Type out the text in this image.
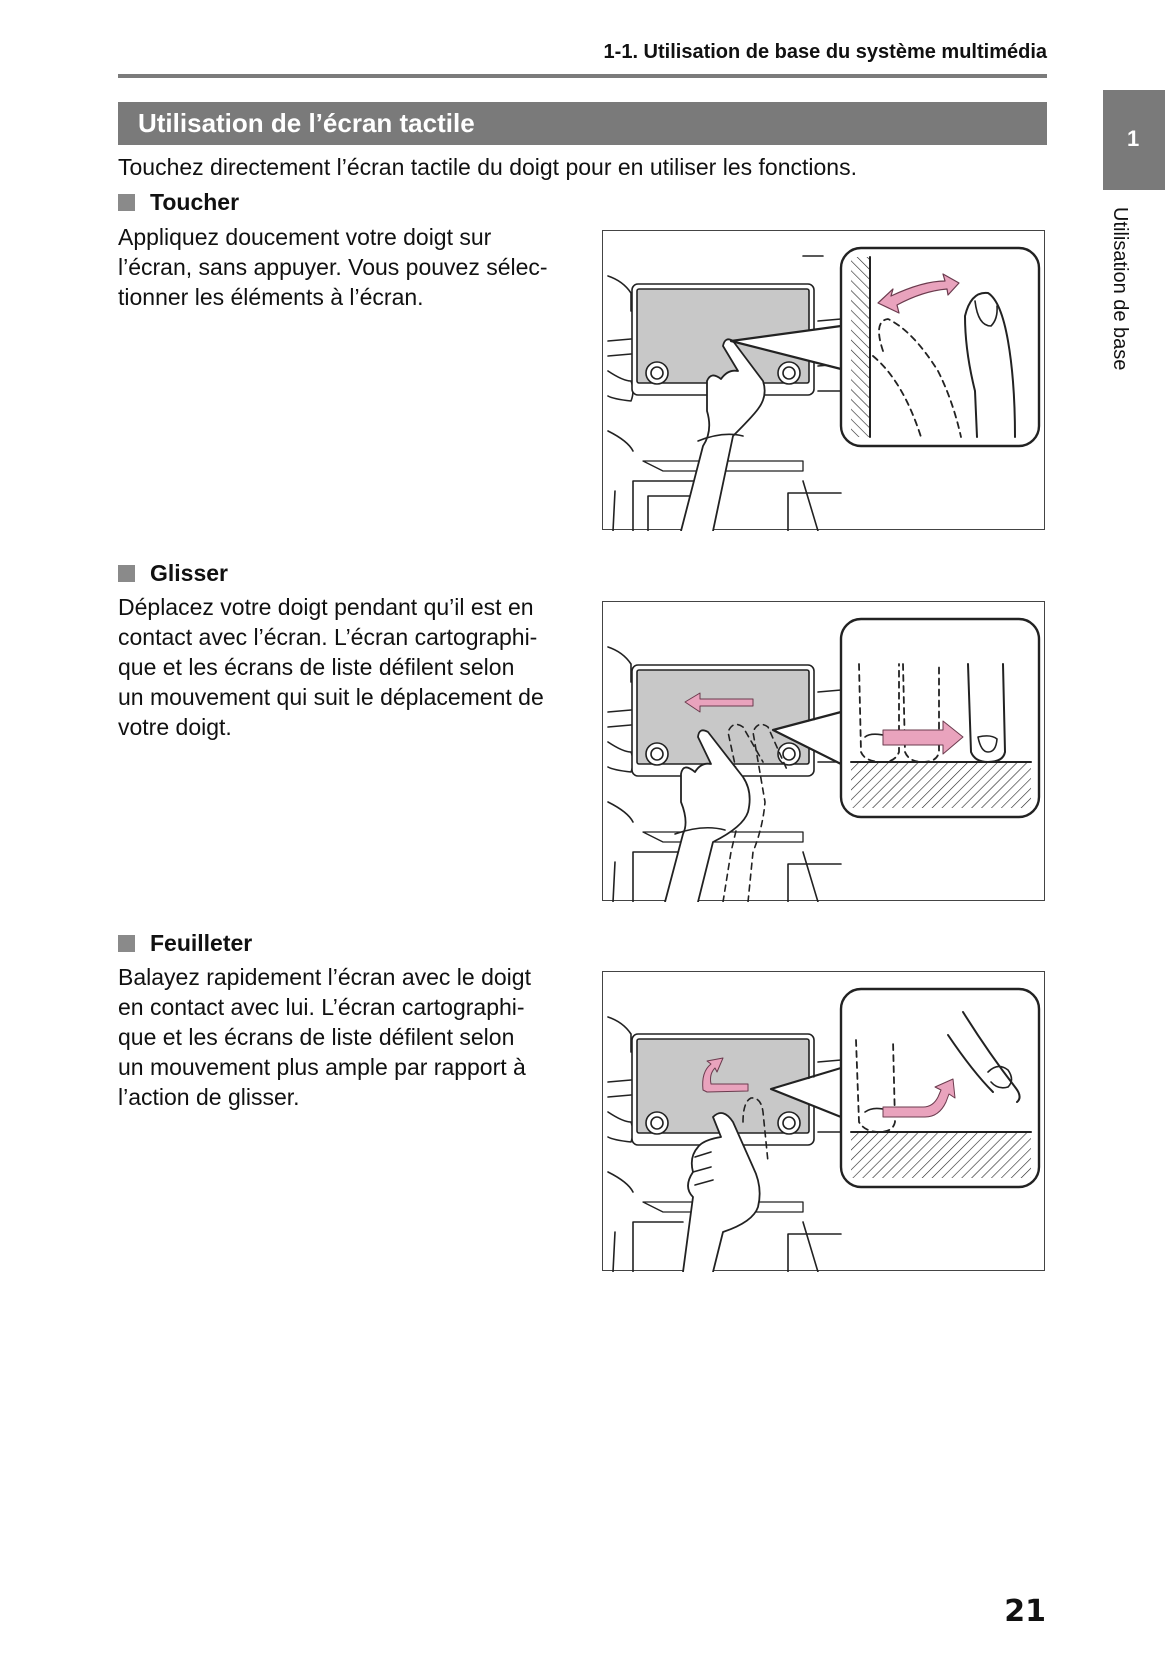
1-1. Utilisation de base du système multimédia
1
Utilisation de base
Utilisation de l’écran tactile
Touchez directement l’écran tactile du doigt pour en utiliser les fonctions.
Toucher
Appliquez doucement votre doigt sur
l’écran, sans appuyer. Vous pouvez sélec-
tionner les éléments à l’écran.
Glisser
Déplacez votre doigt pendant qu’il est en
contact avec l’écran. L’écran cartographi-
que et les écrans de liste défilent selon
un mouvement qui suit le déplacement de
votre doigt.
Feuilleter
Balayez rapidement l’écran avec le doigt
en contact avec lui. L’écran cartographi-
que et les écrans de liste défilent selon
un mouvement plus ample par rapport à
l’action de glisser.
21
